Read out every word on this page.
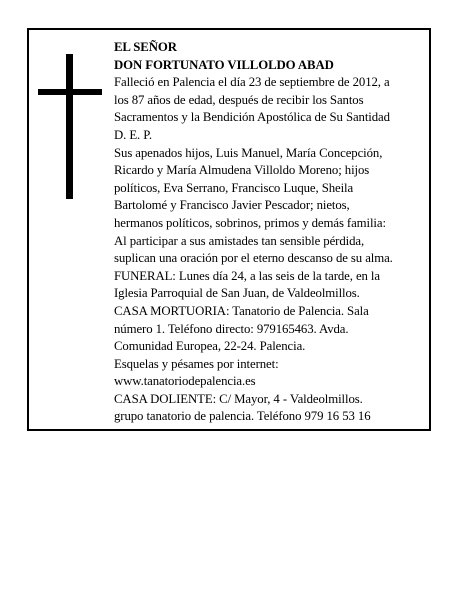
EL SEÑOR
DON FORTUNATO VILLOLDO ABAD
Falleció en Palencia el día 23 de septiembre de 2012, a
los 87 años de edad, después de recibir los Santos
Sacramentos y la Bendición Apostólica de Su Santidad
D. E. P.
Sus apenados hijos, Luis Manuel, María Concepción,
Ricardo y María Almudena Villoldo Moreno; hijos
políticos, Eva Serrano, Francisco Luque, Sheila
Bartolomé y Francisco Javier Pescador; nietos,
hermanos políticos, sobrinos, primos y demás familia:
Al participar a sus amistades tan sensible pérdida,
suplican una oración por el eterno descanso de su alma.
FUNERAL: Lunes día 24, a las seis de la tarde, en la
Iglesia Parroquial de San Juan, de Valdeolmillos.
CASA MORTUORIA: Tanatorio de Palencia. Sala
número 1. Teléfono directo: 979165463. Avda.
Comunidad Europea, 22-24. Palencia.
Esquelas y pésames por internet:
www.tanatoriodepalencia.es
CASA DOLIENTE: C/ Mayor, 4 - Valdeolmillos.
grupo tanatorio de palencia. Teléfono 979 16 53 16
